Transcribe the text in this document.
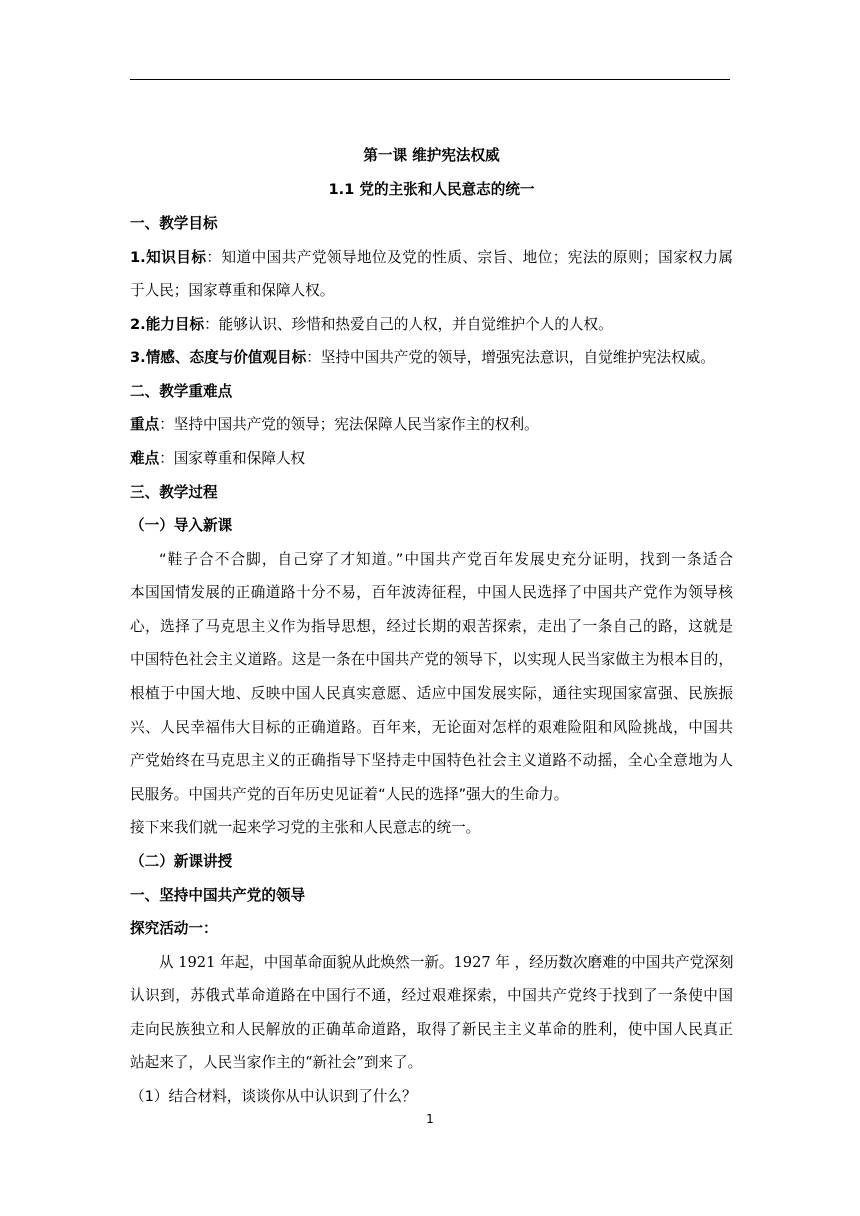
第一课 维护宪法权威
1.1 党的主张和人民意志的统一
一、教学目标
1.知识目标：知道中国共产党领导地位及党的性质、宗旨、地位；宪法的原则；国家权力属
于人民；国家尊重和保障人权。
2.能力目标：能够认识、珍惜和热爱自己的人权，并自觉维护个人的人权。
3.情感、态度与价值观目标：坚持中国共产党的领导，增强宪法意识，自觉维护宪法权威。
二、教学重难点
重点：坚持中国共产党的领导；宪法保障人民当家作主的权利。
难点：国家尊重和保障人权
三、教学过程
（一）导入新课
“鞋子合不合脚，自己穿了才知道。”中国共产党百年发展史充分证明，找到一条适合
本国国情发展的正确道路十分不易，百年波涛征程，中国人民选择了中国共产党作为领导核
心，选择了马克思主义作为指导思想，经过长期的艰苦探索，走出了一条自己的路，这就是
中国特色社会主义道路。这是一条在中国共产党的领导下，以实现人民当家做主为根本目的，
根植于中国大地、反映中国人民真实意愿、适应中国发展实际，通往实现国家富强、民族振
兴、人民幸福伟大目标的正确道路。百年来，无论面对怎样的艰难险阻和风险挑战，中国共
产党始终在马克思主义的正确指导下坚持走中国特色社会主义道路不动摇，全心全意地为人
民服务。中国共产党的百年历史见证着“人民的选择”强大的生命力。
接下来我们就一起来学习党的主张和人民意志的统一。
（二）新课讲授
一、坚持中国共产党的领导
探究活动一：
从 1921 年起，中国革命面貌从此焕然一新。1927 年 ，经历数次磨难的中国共产党深刻
认识到，苏俄式革命道路在中国行不通，经过艰难探索，中国共产党终于找到了一条使中国
走向民族独立和人民解放的正确革命道路，取得了新民主主义革命的胜利，使中国人民真正
站起来了，人民当家作主的“新社会”到来了。
（1）结合材料，谈谈你从中认识到了什么？
1
